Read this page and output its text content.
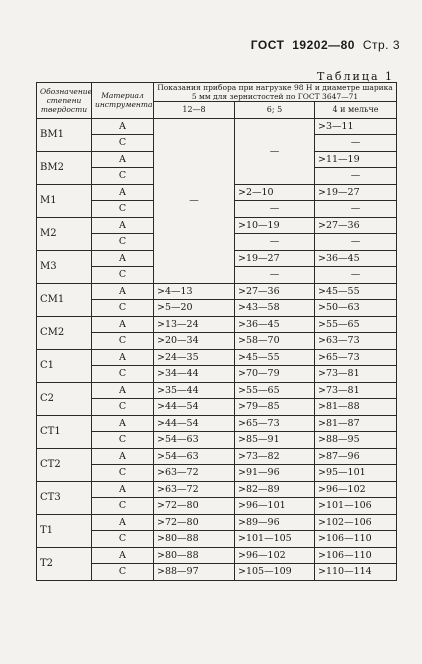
ГОСТ 19202—80 Стр. 3
Таблица 1
Обозначение степени твердости	Материал инструмента	Показания прибора при нагрузке 98 Н и диаметре шарика 5 мм для зернистостей по ГОСТ 3647—71		
		12—8	6; 5	4 и мельче
ВМ1	А	—	—	>3—11
	С			—
ВМ2	А			>11—19
	С			—
М1	А		>2—10	>19—27
	С		—	—
М2	А		>10—19	>27—36
	С		—	—
М3	А		>19—27	>36—45
	С		—	—
СМ1	А	>4—13	>27—36	>45—55
	С	>5—20	>43—58	>50—63
СМ2	А	>13—24	>36—45	>55—65
	С	>20—34	>58—70	>63—73
С1	А	>24—35	>45—55	>65—73
	С	>34—44	>70—79	>73—81
С2	А	>35—44	>55—65	>73—81
	С	>44—54	>79—85	>81—88
СТ1	А	>44—54	>65—73	>81—87
	С	>54—63	>85—91	>88—95
СТ2	А	>54—63	>73—82	>87—96
	С	>63—72	>91—96	>95—101
СТ3	А	>63—72	>82—89	>96—102
	С	>72—80	>96—101	>101—106
Т1	А	>72—80	>89—96	>102—106
	С	>80—88	>101—105	>106—110
Т2	А	>80—88	>96—102	>106—110
	С	>88—97	>105—109	>110—114
